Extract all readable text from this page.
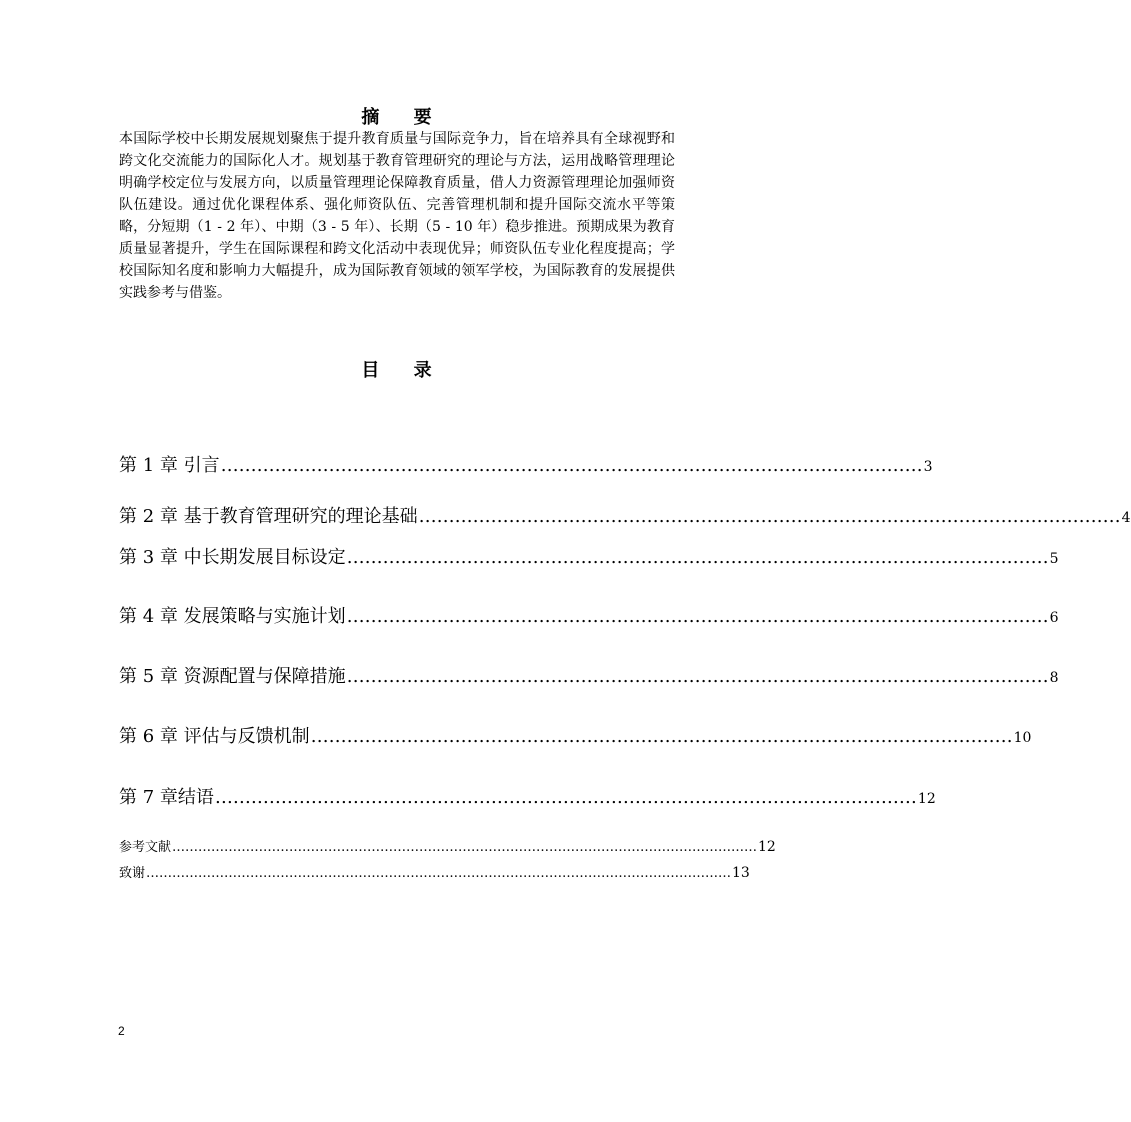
摘 要
本国际学校中长期发展规划聚焦于提升教育质量与国际竞争力，旨在培养具有全球视野和跨文化交流能力的国际化人才。规划基于教育管理研究的理论与方法，运用战略管理理论明确学校定位与发展方向，以质量管理理论保障教育质量，借人力资源管理理论加强师资队伍建设。通过优化课程体系、强化师资队伍、完善管理机制和提升国际交流水平等策略，分短期（1 - 2 年）、中期（3 - 5 年）、长期（5 - 10 年）稳步推进。预期成果为教育质量显著提升，学生在国际课程和跨文化活动中表现优异；师资队伍专业化程度提高；学校国际知名度和影响力大幅提升，成为国际教育领域的领军学校，为国际教育的发展提供实践参考与借鉴。
目 录
第 1 章 引言 ……………………………………………………………………………………………………… 3
第 2 章 基于教育管理研究的理论基础 ……………………………………………………………………………………………………… 4
第 3 章 中长期发展目标设定 ……………………………………………………………………………………………………… 5
第 4 章 发展策略与实施计划 ……………………………………………………………………………………………………… 6
第 5 章 资源配置与保障措施 ……………………………………………………………………………………………………… 8
第 6 章 评估与反馈机制 ……………………………………………………………………………………………………… 10
第 7 章结语 ……………………………………………………………………………………………………… 12
参考文献 ……………………………………………………………………………………………………………………… 12
致谢 ……………………………………………………………………………………………………………………… 13
2
